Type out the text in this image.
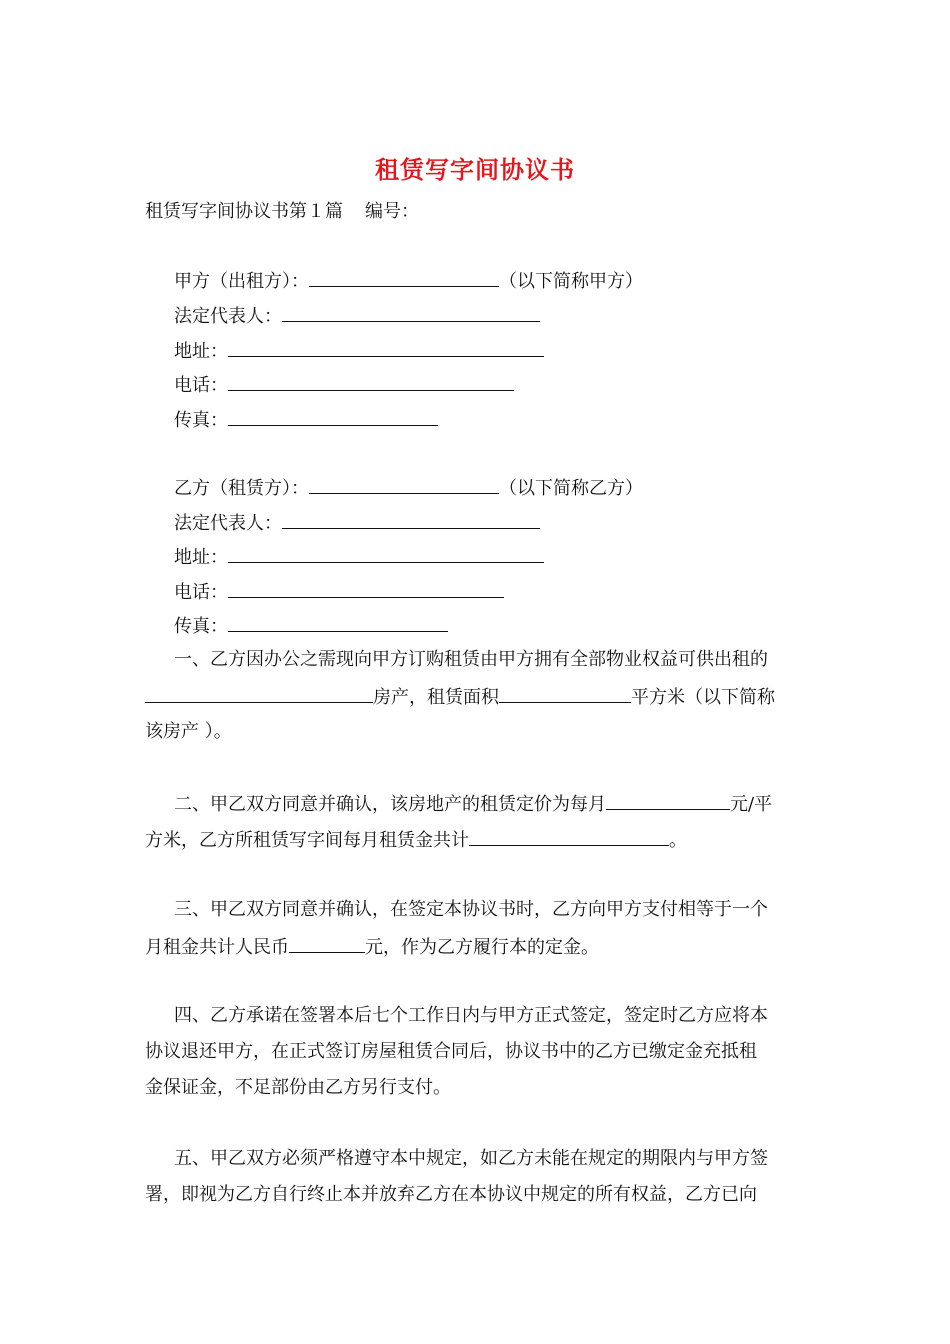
租赁写字间协议书
租赁写字间协议书第１篇 编号：
甲方（出租方）：	（以下简称甲方）
法定代表人：
地址：
电话：
传真：
乙方（租赁方）：	（以下简称乙方）
法定代表人：
地址：
电话：
传真：
一、乙方因办公之需现向甲方订购租赁由甲方拥有全部物业权益可供出租的
房产，租赁面积	平方米（以下简称
该房产 ）。
二、甲乙双方同意并确认，该房地产的租赁定价为每月	元/平
方米，乙方所租赁写字间每月租赁金共计	。
三、甲乙双方同意并确认，在签定本协议书时，乙方向甲方支付相等于一个
月租金共计人民币	元，作为乙方履行本的定金。
四、乙方承诺在签署本后七个工作日内与甲方正式签定，签定时乙方应将本
协议退还甲方，在正式签订房屋租赁合同后，协议书中的乙方已缴定金充抵租
金保证金，不足部份由乙方另行支付。
五、甲乙双方必须严格遵守本中规定，如乙方未能在规定的期限内与甲方签
署，即视为乙方自行终止本并放弃乙方在本协议中规定的所有权益，乙方已向
